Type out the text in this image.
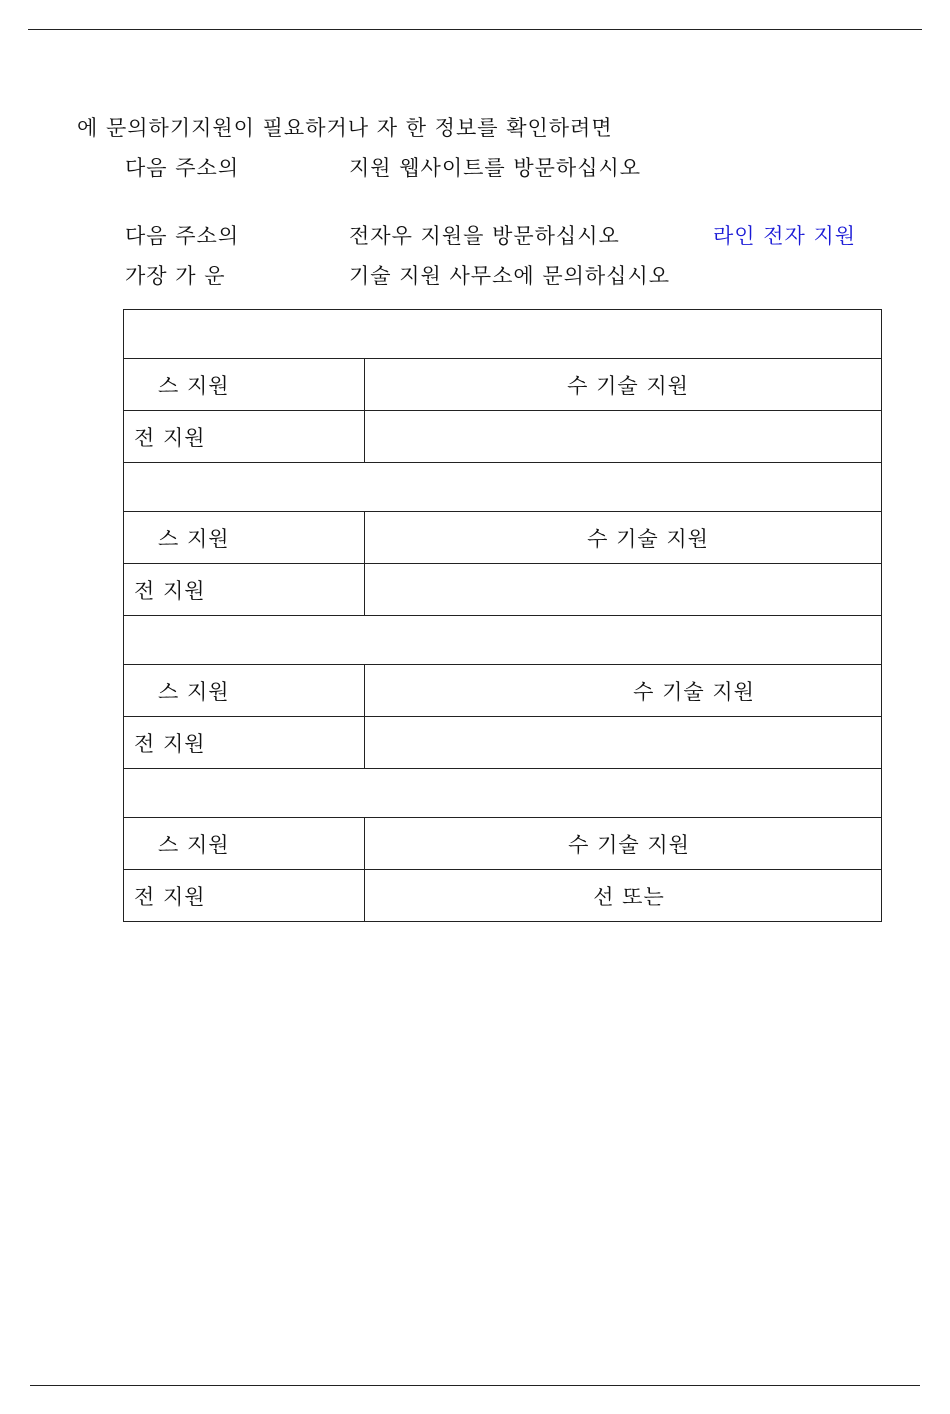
에 문의하기지원이 필요하거나 자 한 정보를 확인하려면
다음 주소의	지원 웹사이트를 방문하십시오
다음 주소의	전자우 지원을 방문하십시오	라인 전자 지원
가장 가 운	기술 지원 사무소에 문의하십시오

스 지원	수 기술 지원
전 지원	

스 지원	수 기술 지원
전 지원	

스 지원	수 기술 지원
전 지원	

스 지원	수 기술 지원
전 지원	선 또는
